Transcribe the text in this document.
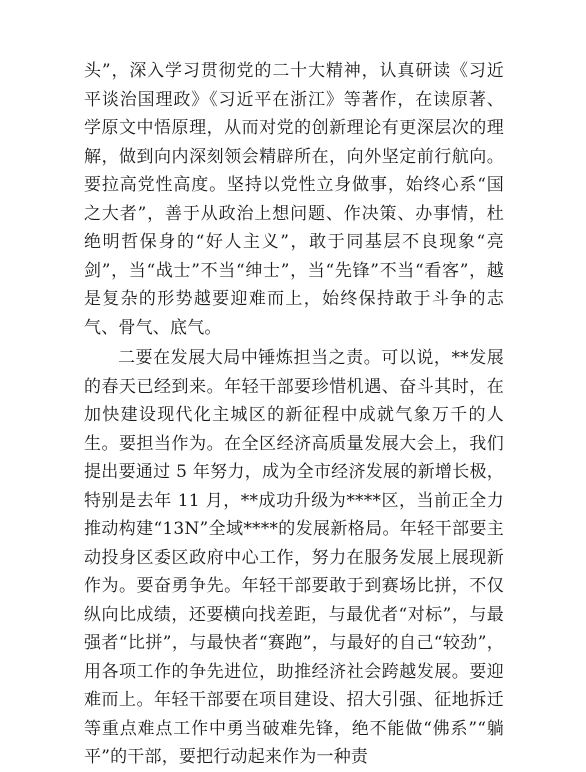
头”，深入学习贯彻党的二十大精神，认真研读《习近平谈治国理政》《习近平在浙江》等著作，在读原著、学原文中悟原理，从而对党的创新理论有更深层次的理解，做到向内深刻领会精辟所在，向外坚定前行航向。要拉高党性高度。坚持以党性立身做事，始终心系“国之大者”，善于从政治上想问题、作决策、办事情，杜绝明哲保身的“好人主义”，敢于同基层不良现象“亮剑”，当“战士”不当“绅士”，当“先锋”不当“看客”，越是复杂的形势越要迎难而上，始终保持敢于斗争的志气、骨气、底气。

二要在发展大局中锤炼担当之责。可以说，**发展的春天已经到来。年轻干部要珍惜机遇、奋斗其时，在加快建设现代化主城区的新征程中成就气象万千的人生。要担当作为。在全区经济高质量发展大会上，我们提出要通过 5 年努力，成为全市经济发展的新增长极，特别是去年 11 月，**成功升级为****区，当前正全力推动构建“13N”全域****的发展新格局。年轻干部要主动投身区委区政府中心工作，努力在服务发展上展现新作为。要奋勇争先。年轻干部要敢于到赛场比拼，不仅纵向比成绩，还要横向找差距，与最优者“对标”，与最强者“比拼”，与最快者“赛跑”，与最好的自己“较劲”，用各项工作的争先进位，助推经济社会跨越发展。要迎难而上。年轻干部要在项目建设、招大引强、征地拆迁等重点难点工作中勇当破难先锋，绝不能做“佛系”“躺平”的干部，要把行动起来作为一种责
